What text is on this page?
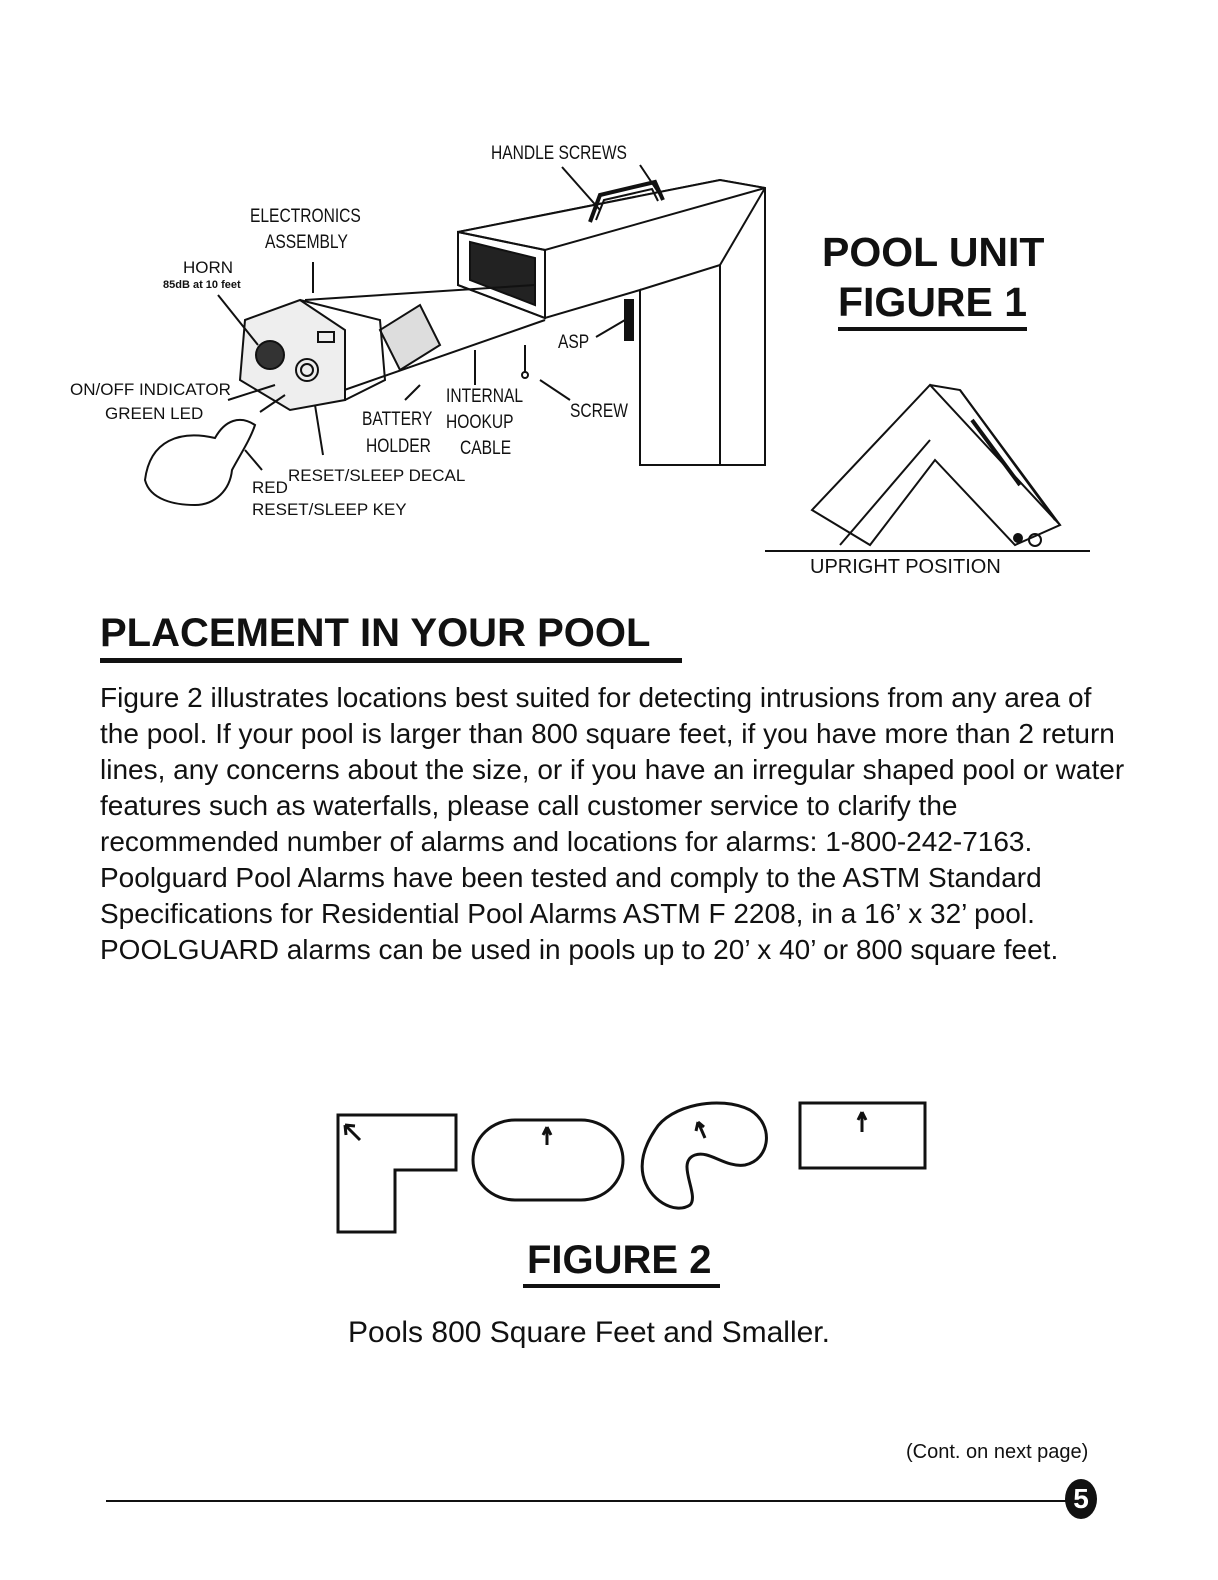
HANDLE SCREWS
ELECTRONICS
ASSEMBLY
HORN
85dB at 10 feet
ON/OFF INDICATOR
GREEN LED
ASP
INTERNAL
HOOKUP
CABLE
BATTERY
HOLDER
SCREW
RESET/SLEEP DECAL
RED
RESET/SLEEP KEY
UPRIGHT POSITION
POOL UNIT
FIGURE 1
PLACEMENT IN YOUR POOL

Figure 2 illustrates locations best suited for detecting intrusions from any area of the pool. If your pool is larger than 800 square feet, if you have more than 2 return lines, any concerns about the size, or if you have an irregular shaped pool or water features such as waterfalls, please call customer service to clarify the recommended number of alarms and locations for alarms: 1-800-242-7163. Poolguard Pool Alarms have been tested and comply to the ASTM Standard Specifications for Residential Pool Alarms ASTM F 2208, in a 16’ x 32’ pool. POOLGUARD alarms can be used in pools up to 20’ x 40’ or 800 square feet.

FIGURE 2
Pools 800 Square Feet and Smaller.
(Cont. on next page)
5
